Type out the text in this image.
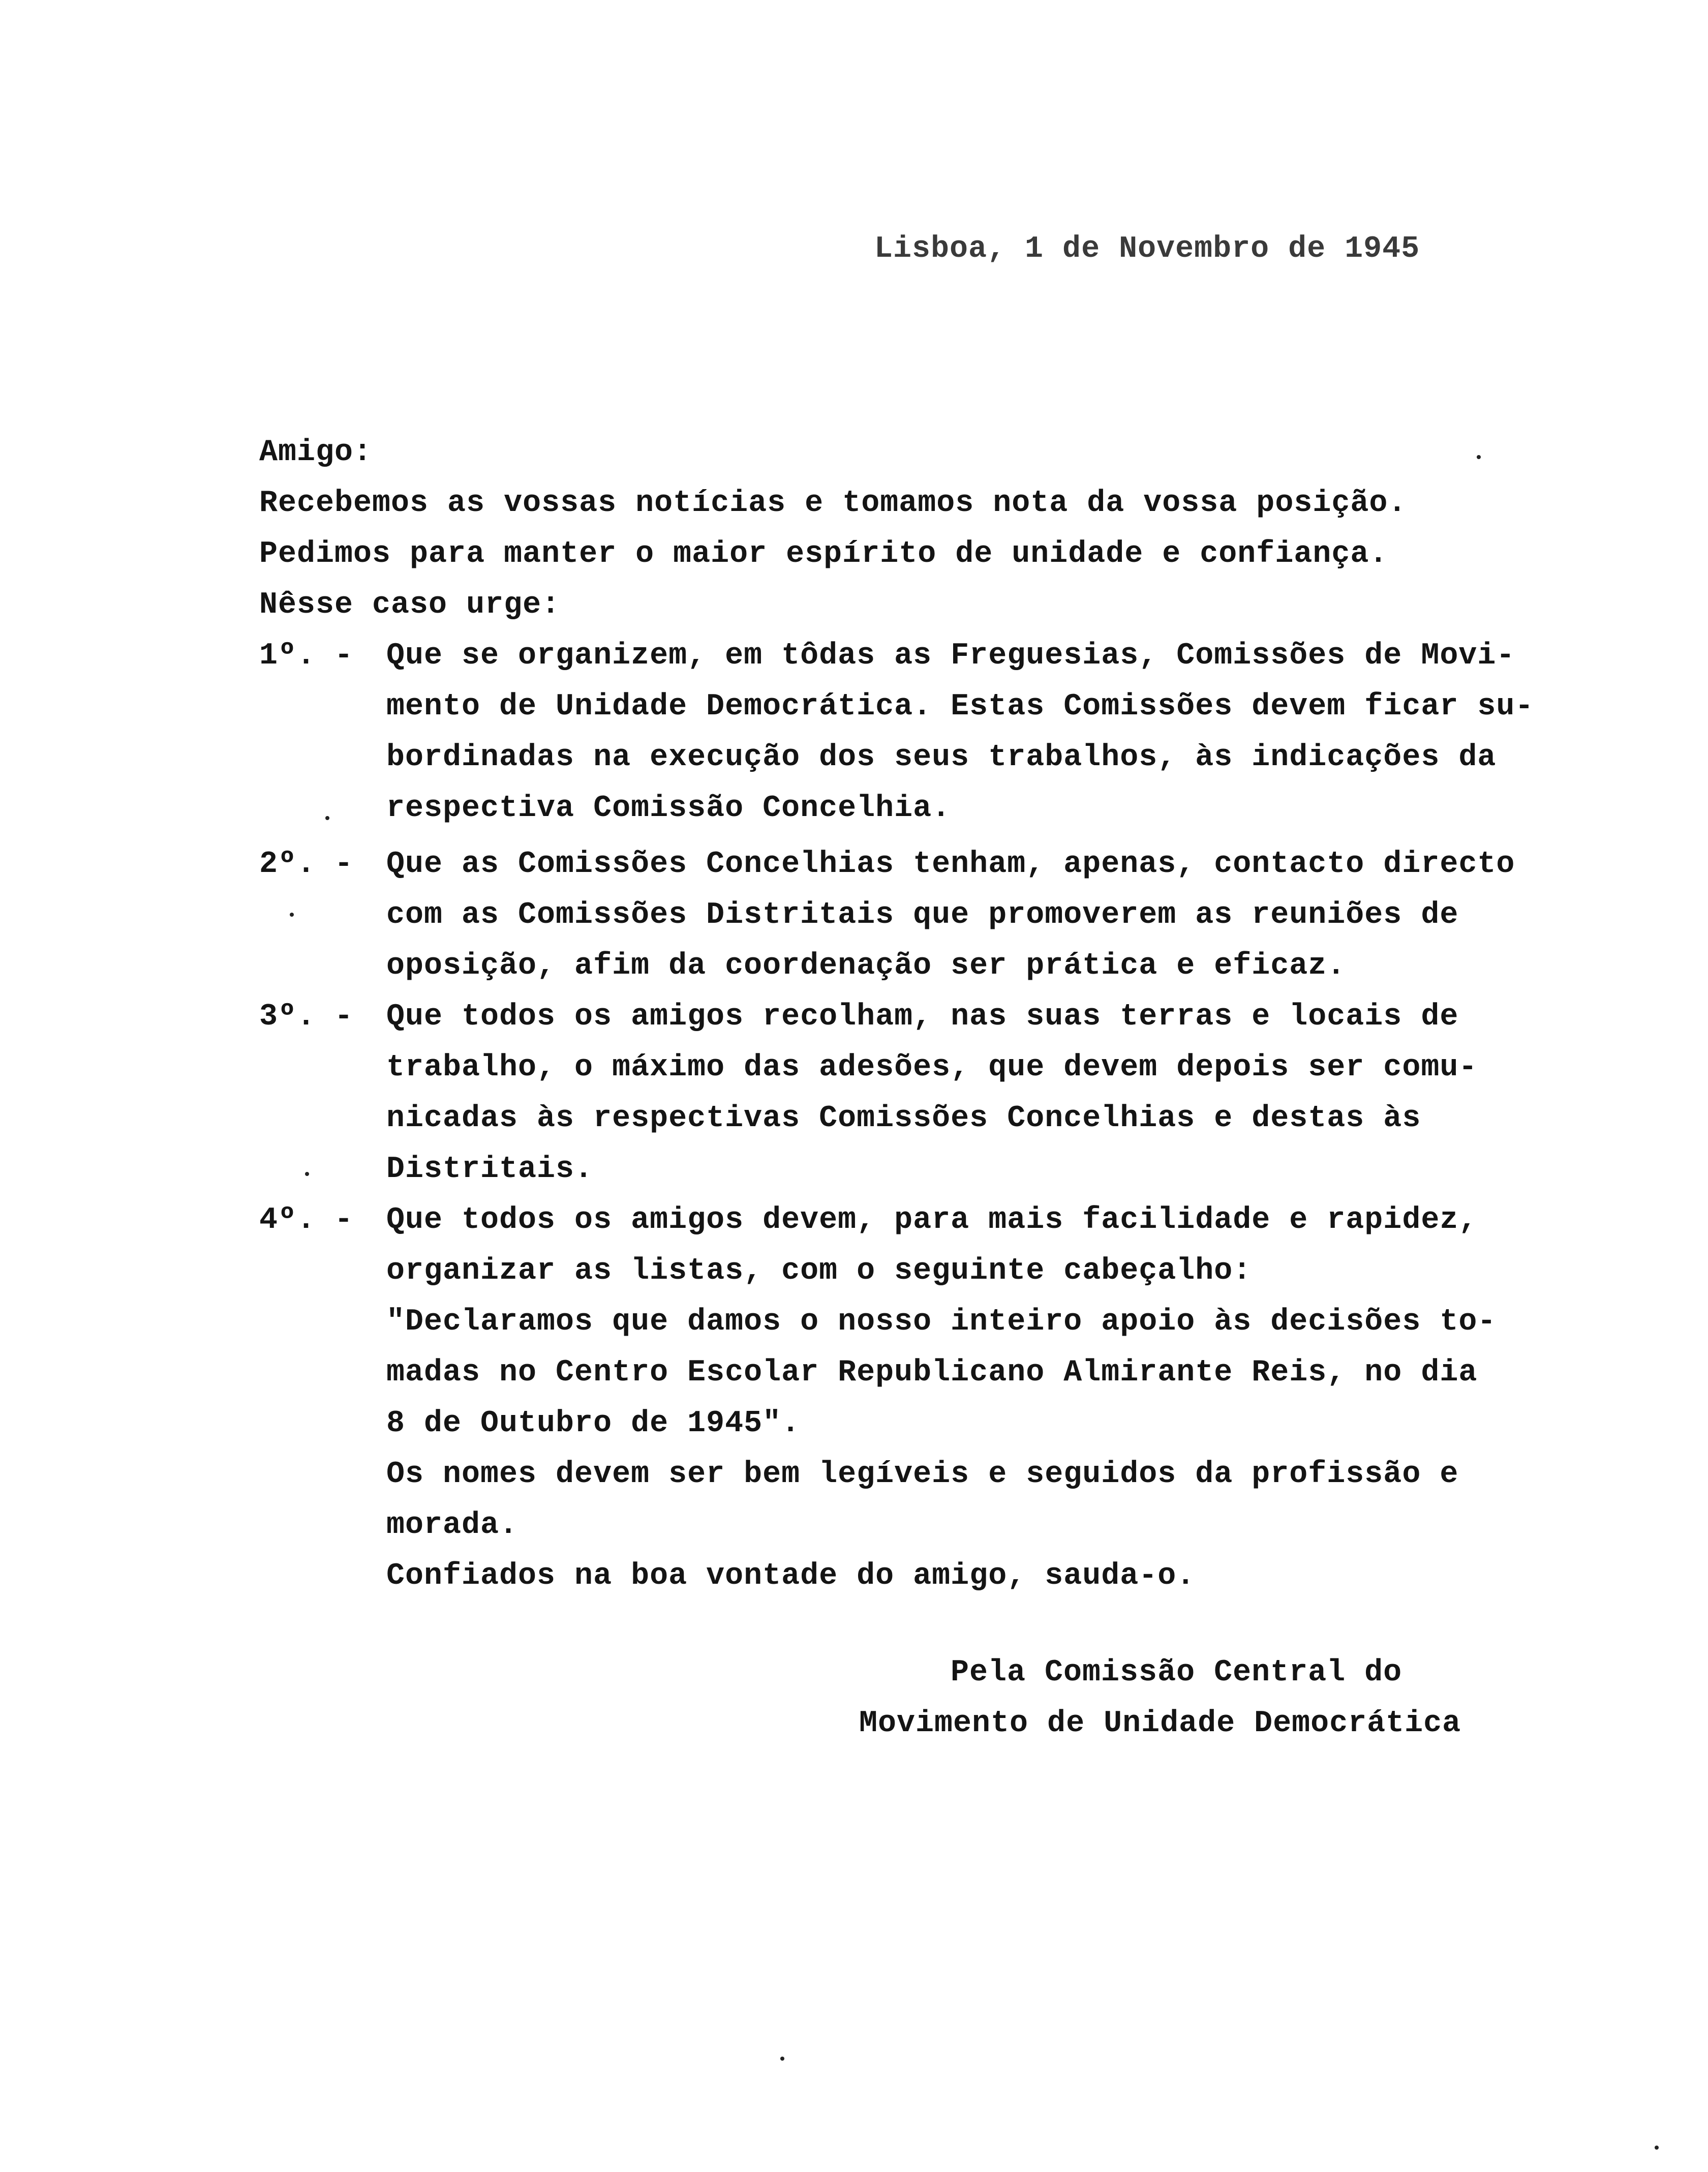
Lisboa, 1 de Novembro de 1945
Amigo:
Recebemos as vossas notícias e tomamos nota da vossa posição.
Pedimos para manter o maior espírito de unidade e confiança.
Nêsse caso urge:
1º. - Que se organizem, em tôdas as Freguesias, Comissões de Movi-
mento de Unidade Democrática. Estas Comissões devem ficar su-
bordinadas na execução dos seus trabalhos, às indicações da
respectiva Comissão Concelhia.
2º. - Que as Comissões Concelhias tenham, apenas, contacto directo
com as Comissões Distritais que promoverem as reuniões de
oposição, afim da coordenação ser prática e eficaz.
3º. - Que todos os amigos recolham, nas suas terras e locais de
trabalho, o máximo das adesões, que devem depois ser comu-
nicadas às respectivas Comissões Concelhias e destas às
Distritais.
4º. - Que todos os amigos devem, para mais facilidade e rapidez,
organizar as listas, com o seguinte cabeçalho:
"Declaramos que damos o nosso inteiro apoio às decisões to-
madas no Centro Escolar Republicano Almirante Reis, no dia
8 de Outubro de 1945".
Os nomes devem ser bem legíveis e seguidos da profissão e
morada.
Confiados na boa vontade do amigo, sauda-o.
Pela Comissão Central do
Movimento de Unidade Democrática
